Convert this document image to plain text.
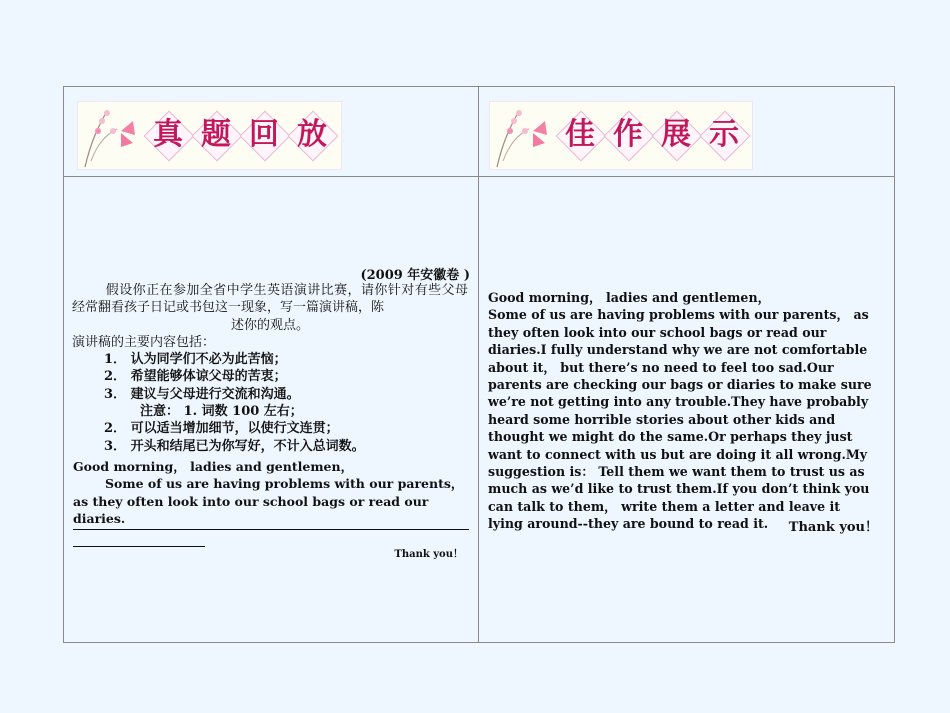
真 题 回 放	佳 作 展 示
(2009 年安徽卷 )
假设你正在参加全省中学生英语演讲比赛，请你针对有些父母经常翻看孩子日记或书包这一现象，写一篇演讲稿，陈
述你的观点。
演讲稿的主要内容包括：
1． 认为同学们不必为此苦恼；
2． 希望能够体谅父母的苦衷；
3． 建议与父母进行交流和沟通。
注意： 1. 词数 100 左右；
2． 可以适当增加细节，以使行文连贯；
3． 开头和结尾已为你写好，不计入总词数。
Good morning， ladies and gentlemen，
Some of us are having problems with our parents， as they often look into our school bags or read our diaries.
Thank you！
Good morning， ladies and gentlemen，
Some of us are having problems with our parents， as they often look into our school bags or read our diaries.I fully understand why we are not comfortable about it， but there’s no need to feel too sad.Our parents are checking our bags or diaries to make sure we’re not getting into any trouble.They have probably heard some horrible stories about other kids and thought we might do the same.Or perhaps they just want to connect with us but are doing it all wrong.My suggestion is： Tell them we want them to trust us as much as we’d like to trust them.If you don’t think you can talk to them， write them a letter and leave it lying around--they are bound to read it.	Thank you！
